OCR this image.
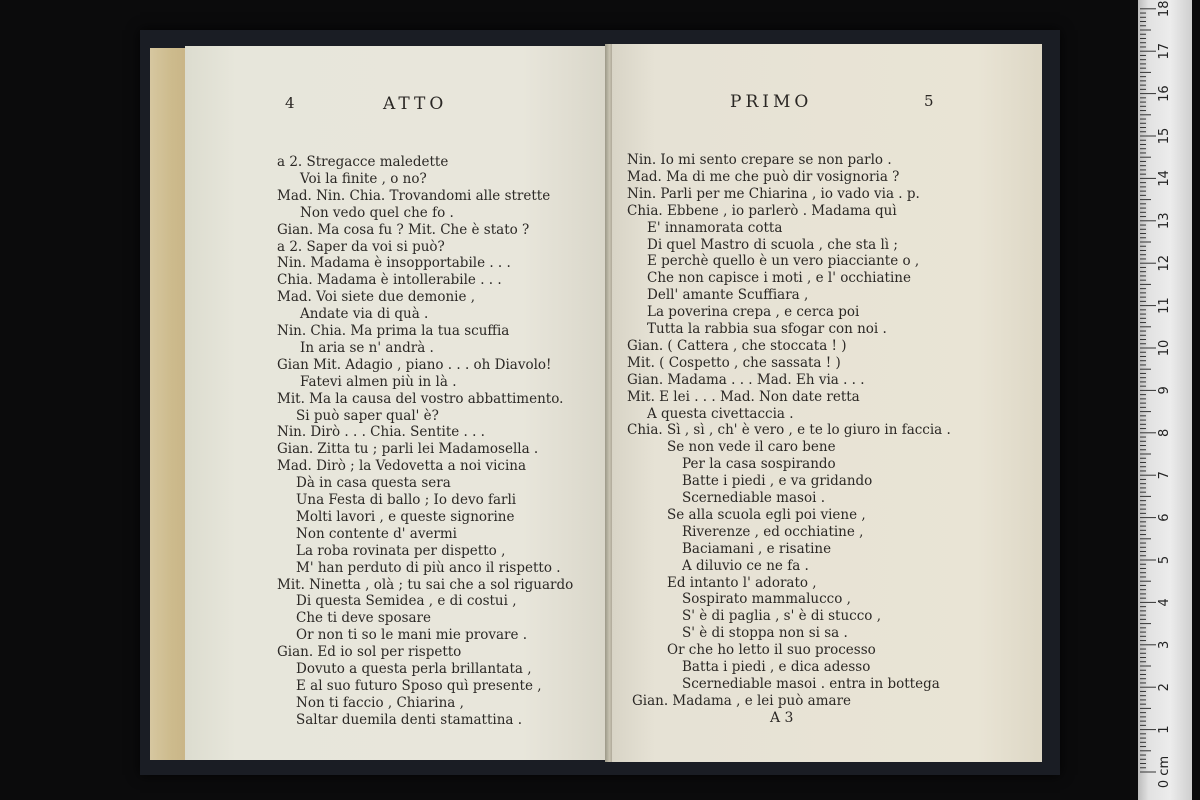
4	ATTO
a 2. Stregacce maledette
Voi la finite , o no?
Mad. Nin. Chia. Trovandomi alle strette
Non vedo quel che fo .
Gian. Ma cosa fu ? Mit. Che è stato ?
a 2. Saper da voi si può?
Nin. Madama è insopportabile . . .
Chia. Madama è intollerabile . . .
Mad. Voi siete due demonie ,
Andate via di quà .
Nin. Chia. Ma prima la tua scuffia
In aria se n' andrà .
Gian Mit. Adagio , piano . . . oh Diavolo!
Fatevi almen più in là .
Mit. Ma la causa del vostro abbattimento.
Si può saper qual' è?
Nin. Dirò . . . Chia. Sentite . . .
Gian. Zitta tu ; parli lei Madamosella .
Mad. Dirò ; la Vedovetta a noi vicina
Dà in casa questa sera
Una Festa di ballo ; Io devo farli
Molti lavori , e queste signorine
Non contente d' avermi
La roba rovinata per dispetto ,
M' han perduto di più anco il rispetto .
Mit. Ninetta , olà ; tu sai che a sol riguardo
Di questa Semidea , e di costui ,
Che ti deve sposare
Or non ti so le mani mie provare .
Gian. Ed io sol per rispetto
Dovuto a questa perla brillantata ,
E al suo futuro Sposo quì presente ,
Non ti faccio , Chiarina ,
Saltar duemila denti stamattina .
PRIMO	5
Nin. Io mi sento crepare se non parlo .
Mad. Ma di me che può dir vosignoria ?
Nin. Parli per me Chiarina , io vado via . p.
Chia. Ebbene , io parlerò . Madama quì
E' innamorata cotta
Di quel Mastro di scuola , che sta lì ;
E perchè quello è un vero piacciante o ,
Che non capisce i moti , e l' occhiatine
Dell' amante Scuffiara ,
La poverina crepa , e cerca poi
Tutta la rabbia sua sfogar con noi .
Gian. ( Cattera , che stoccata ! )
Mit. ( Cospetto , che sassata ! )
Gian. Madama . . . Mad. Eh via . . .
Mit. E lei . . . Mad. Non date retta
A questa civettaccia .
Chia. Sì , sì , ch' è vero , e te lo giuro in faccia .
Se non vede il caro bene
Per la casa sospirando
Batte i piedi , e va gridando
Scernediable masoi .
Se alla scuola egli poi viene ,
Riverenze , ed occhiatine ,
Baciamani , e risatine
A diluvio ce ne fa .
Ed intanto l' adorato ,
Sospirato mammalucco ,
S' è di paglia , s' è di stucco ,
S' è di stoppa non si sa .
Or che ho letto il suo processo
Batta i piedi , e dica adesso
Scernediable masoi . entra in bottega
Gian. Madama , e lei può amare
A 3
0 cm
1
2
3
4
5
6
7
8
9
10
11
12
13
14
15
16
17
18
